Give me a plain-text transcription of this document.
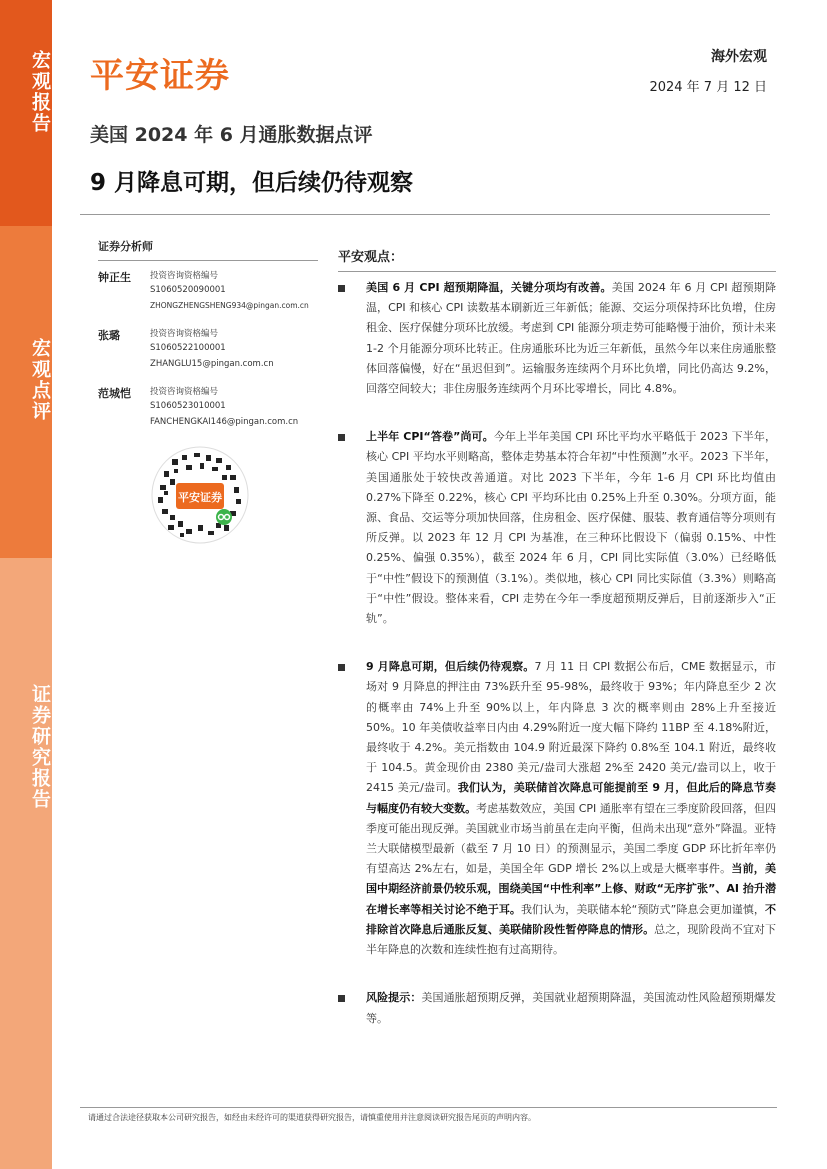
宏观报告
宏观点评
证券研究报告
平安证券	海外宏观
2024 年 7 月 12 日
美国 2024 年 6 月通胀数据点评
9 月降息可期，但后续仍待观察
证券分析师
钟正生 投资咨询资格编号
S1060520090001
ZHONGZHENGSHENG934@pingan.com.cn
张璐	投资咨询资格编号
S1060522100001
ZHANGLU15@pingan.com.cn
范城恺 投资咨询资格编号
S1060523010001
FANCHENGKAI146@pingan.com.cn
平安证券
平安观点：
美国 6 月 CPI 超预期降温，关键分项均有改善。美国 2024 年 6 月 CPI 超预期降温，CPI 和核心 CPI 读数基本刷新近三年新低；能源、交运分项保持环比负增，住房租金、医疗保健分项环比放缓。考虑到 CPI 能源分项走势可能略慢于油价，预计未来 1-2 个月能源分项环比转正。住房通胀环比为近三年新低，虽然今年以来住房通胀整体回落偏慢，好在“虽迟但到”。运输服务连续两个月环比负增，同比仍高达 9.2%，回落空间较大；非住房服务连续两个月环比零增长，同比 4.8%。
上半年 CPI“答卷”尚可。今年上半年美国 CPI 环比平均水平略低于 2023 下半年，核心 CPI 平均水平则略高，整体走势基本符合年初“中性预测”水平。2023 下半年，美国通胀处于较快改善通道。对比 2023 下半年，今年 1-6 月 CPI 环比均值由 0.27%下降至 0.22%，核心 CPI 平均环比由 0.25%上升至 0.30%。分项方面，能源、食品、交运等分项加快回落，住房租金、医疗保健、服装、教育通信等分项则有所反弹。以 2023 年 12 月 CPI 为基准，在三种环比假设下（偏弱 0.15%、中性 0.25%、偏强 0.35%），截至 2024 年 6 月，CPI 同比实际值（3.0%）已经略低于“中性”假设下的预测值（3.1%）。类似地，核心 CPI 同比实际值（3.3%）则略高于“中性”假设。整体来看，CPI 走势在今年一季度超预期反弹后，目前逐渐步入“正轨”。
9 月降息可期，但后续仍待观察。7 月 11 日 CPI 数据公布后，CME 数据显示，市场对 9 月降息的押注由 73%跃升至 95-98%，最终收于 93%；年内降息至少 2 次的概率由 74%上升至 90%以上，年内降息 3 次的概率则由 28%上升至接近 50%。10 年美债收益率日内由 4.29%附近一度大幅下降约 11BP 至 4.18%附近，最终收于 4.2%。美元指数由 104.9 附近最深下降约 0.8%至 104.1 附近，最终收于 104.5。黄金现价由 2380 美元/盎司大涨超 2%至 2420 美元/盎司以上，收于 2415 美元/盎司。我们认为，美联储首次降息可能提前至 9 月，但此后的降息节奏与幅度仍有较大变数。考虑基数效应，美国 CPI 通胀率有望在三季度阶段回落，但四季度可能出现反弹。美国就业市场当前虽在走向平衡，但尚未出现“意外”降温。亚特兰大联储模型最新（截至 7 月 10 日）的预测显示，美国二季度 GDP 环比折年率仍有望高达 2%左右，如是，美国全年 GDP 增长 2%以上或是大概率事件。当前，美国中期经济前景仍较乐观，围绕美国“中性利率”上修、财政“无序扩张”、AI 抬升潜在增长率等相关讨论不绝于耳。我们认为，美联储本轮“预防式”降息会更加谨慎，不排除首次降息后通胀反复、美联储阶段性暂停降息的情形。总之，现阶段尚不宜对下半年降息的次数和连续性抱有过高期待。
风险提示：美国通胀超预期反弹，美国就业超预期降温，美国流动性风险超预期爆发等。
请通过合法途径获取本公司研究报告，如经由未经许可的渠道获得研究报告，请慎重使用并注意阅读研究报告尾页的声明内容。
